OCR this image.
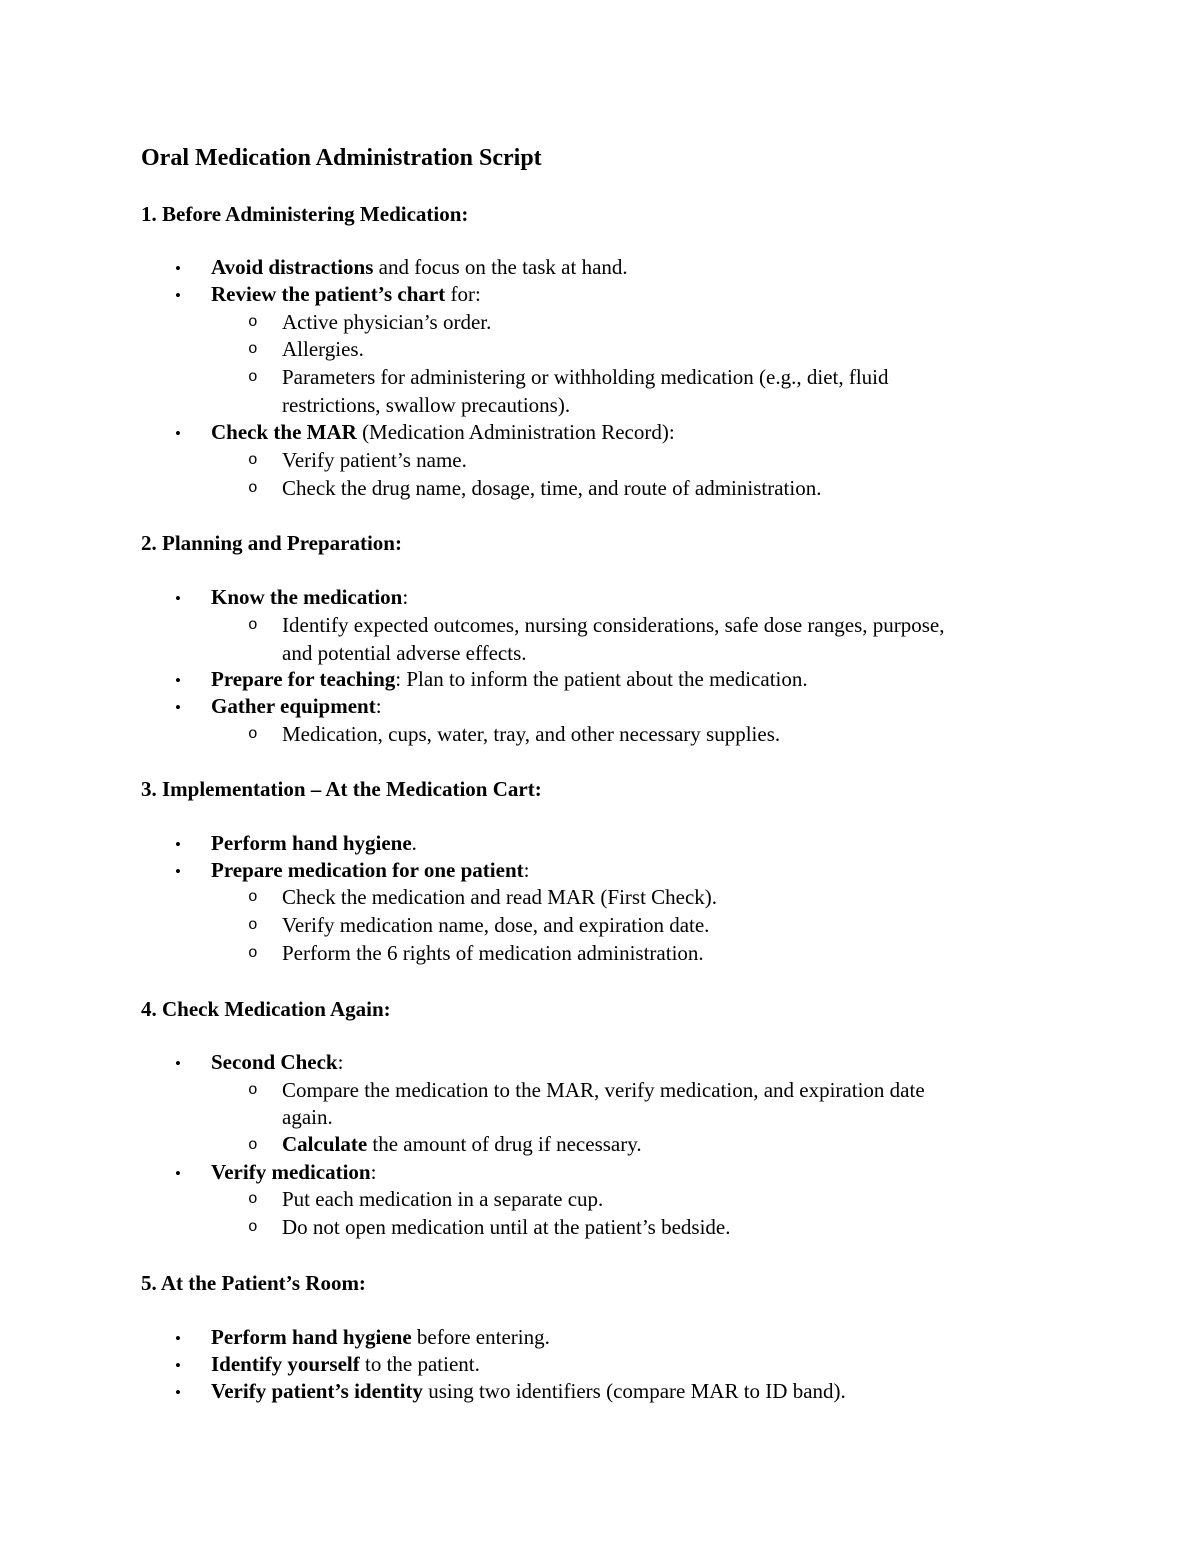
Oral Medication Administration Script
1. Before Administering Medication:
• Avoid distractions and focus on the task at hand.
• Review the patient’s chart for:
o Active physician’s order.
o Allergies.
o Parameters for administering or withholding medication (e.g., diet, fluid
restrictions, swallow precautions).
• Check the MAR (Medication Administration Record):
o Verify patient’s name.
o Check the drug name, dosage, time, and route of administration.
2. Planning and Preparation:
• Know the medication:
o Identify expected outcomes, nursing considerations, safe dose ranges, purpose,
and potential adverse effects.
• Prepare for teaching: Plan to inform the patient about the medication.
• Gather equipment:
o Medication, cups, water, tray, and other necessary supplies.
3. Implementation – At the Medication Cart:
• Perform hand hygiene.
• Prepare medication for one patient:
o Check the medication and read MAR (First Check).
o Verify medication name, dose, and expiration date.
o Perform the 6 rights of medication administration.
4. Check Medication Again:
• Second Check:
o Compare the medication to the MAR, verify medication, and expiration date
again.
o Calculate the amount of drug if necessary.
• Verify medication:
o Put each medication in a separate cup.
o Do not open medication until at the patient’s bedside.
5. At the Patient’s Room:
• Perform hand hygiene before entering.
• Identify yourself to the patient.
• Verify patient’s identity using two identifiers (compare MAR to ID band).
